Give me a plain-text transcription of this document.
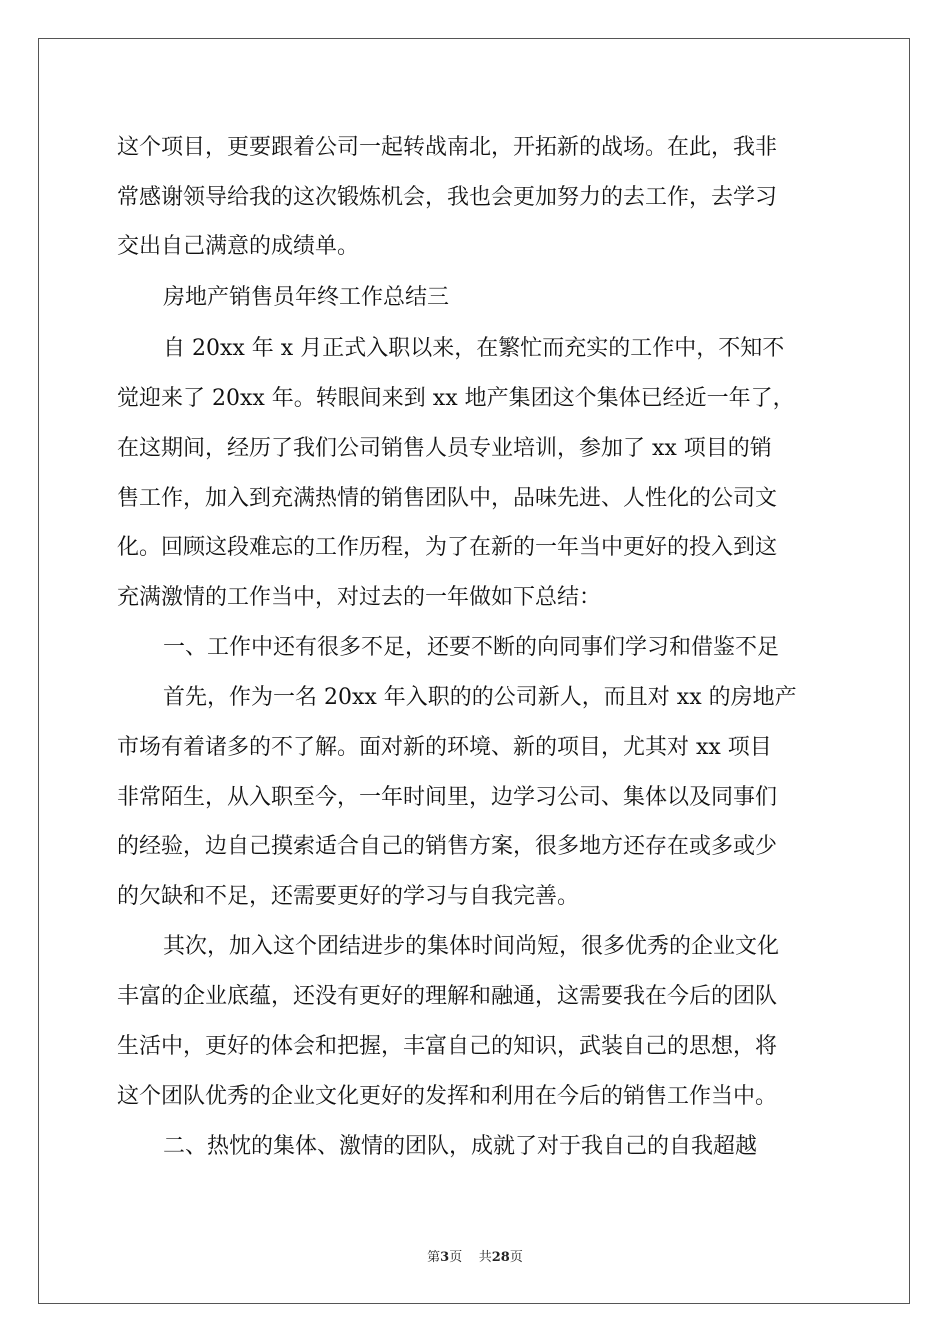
这个项目，更要跟着公司一起转战南北，开拓新的战场。在此，我非
常感谢领导给我的这次锻炼机会，我也会更加努力的去工作，去学习
交出自己满意的成绩单。
房地产销售员年终工作总结三
自 20xx 年 x 月正式入职以来，在繁忙而充实的工作中，不知不
觉迎来了 20xx 年。转眼间来到 xx 地产集团这个集体已经近一年了，
在这期间，经历了我们公司销售人员专业培训，参加了 xx 项目的销
售工作，加入到充满热情的销售团队中，品味先进、人性化的公司文
化。回顾这段难忘的工作历程，为了在新的一年当中更好的投入到这
充满激情的工作当中，对过去的一年做如下总结：
一、工作中还有很多不足，还要不断的向同事们学习和借鉴不足
首先，作为一名 20xx 年入职的的公司新人，而且对 xx 的房地产
市场有着诸多的不了解。面对新的环境、新的项目，尤其对 xx 项目
非常陌生，从入职至今，一年时间里，边学习公司、集体以及同事们
的经验，边自己摸索适合自己的销售方案，很多地方还存在或多或少
的欠缺和不足，还需要更好的学习与自我完善。
其次，加入这个团结进步的集体时间尚短，很多优秀的企业文化
丰富的企业底蕴，还没有更好的理解和融通，这需要我在今后的团队
生活中，更好的体会和把握，丰富自己的知识，武装自己的思想，将
这个团队优秀的企业文化更好的发挥和利用在今后的销售工作当中。
二、热忱的集体、激情的团队，成就了对于我自己的自我超越
第3页 共28页
